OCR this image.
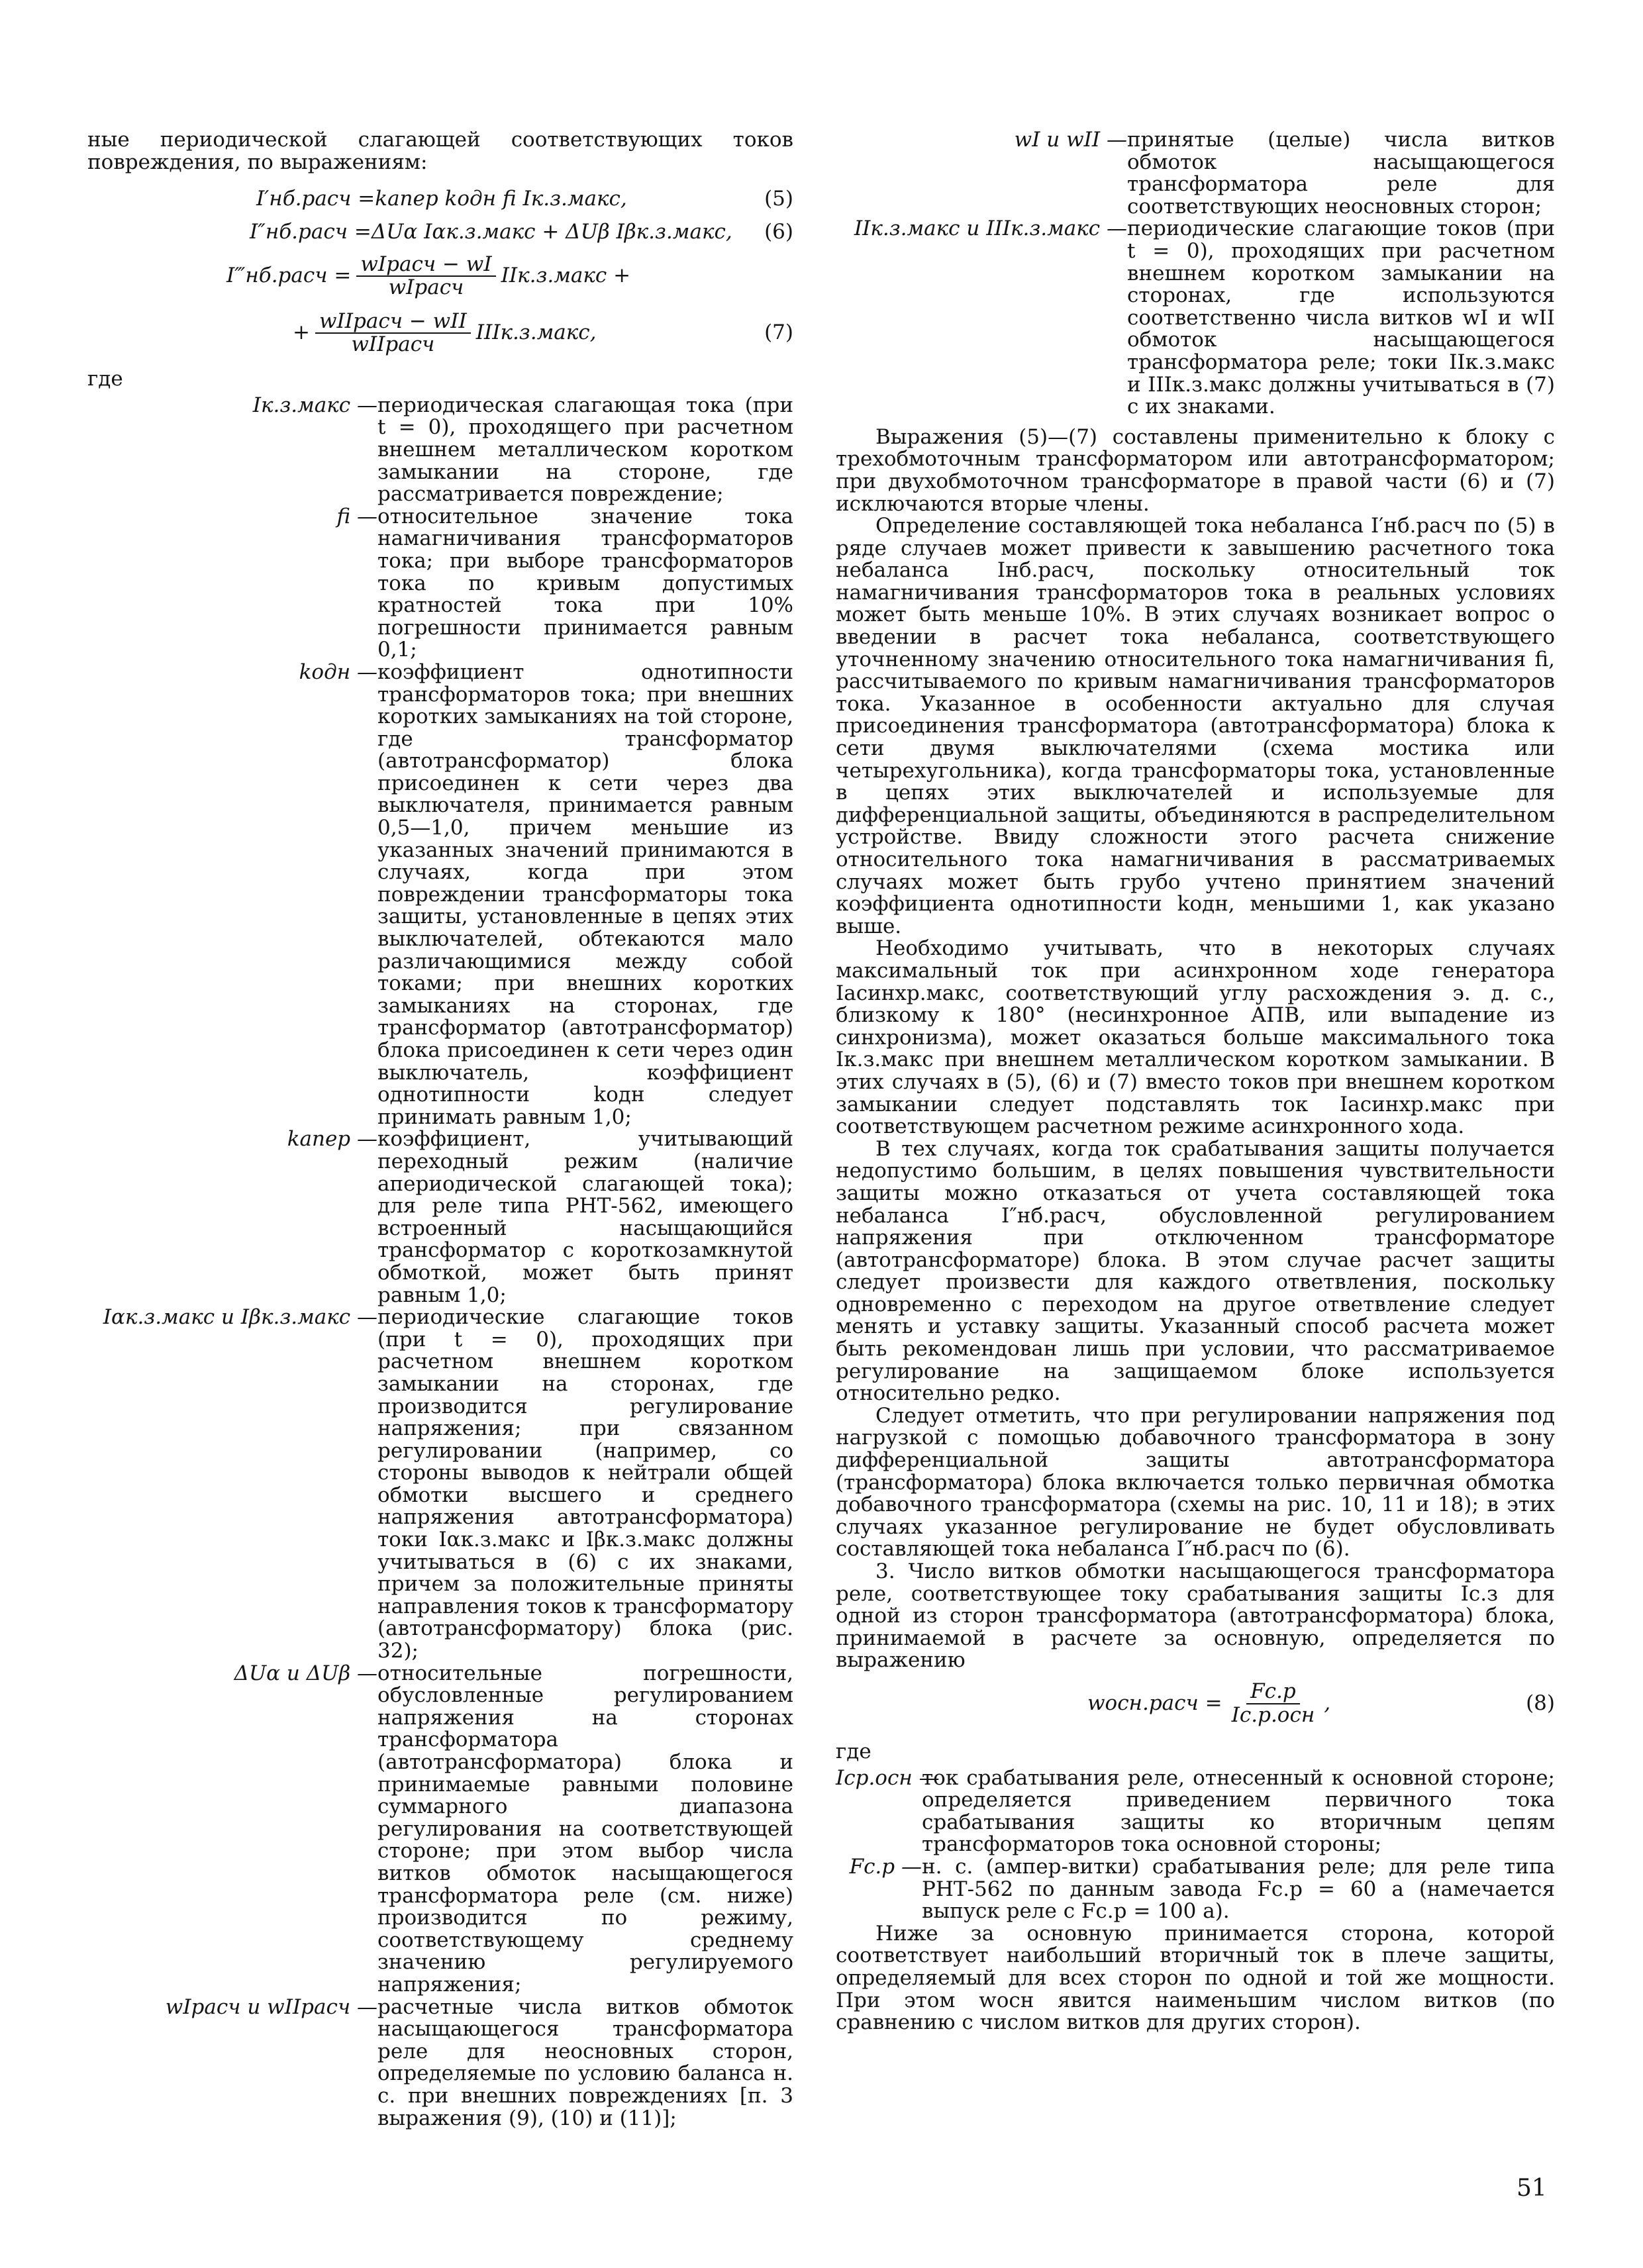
ные периодической слагающей соответствующих токов повреждения, по выражениям:

I′нб.расч = kапер kодн fi Iк.з.макс,	(5)
I″нб.расч = ΔUα Iαк.з.макс + ΔUβ Iβк.з.макс, (6)
I‴нб.расч = $\frac{\text{wIрасч − wI}}{\text{wIрасч}}$ IIк.з.макс +
+ $\frac{\text{wIIрасч − wII}}{\text{wIIрасч}}$ IIIк.з.макс,	(7)

где

Iк.з.макс — периодическая слагающая тока (при t = 0), проходящего при расчетном внешнем металлическом коротком замыкании на стороне, где рассматривается повреждение;
fi — относительное значение тока намагничивания трансформаторов тока; при выборе трансформаторов тока по кривым допустимых кратностей тока при 10% погрешности принимается равным 0,1;
kодн — коэффициент однотипности трансформаторов тока; при внешних коротких замыканиях на той стороне, где трансформатор (автотрансформатор) блока присоединен к сети через два выключателя, принимается равным 0,5—1,0, причем меньшие из указанных значений принимаются в случаях, когда при этом повреждении трансформаторы тока защиты, установленные в цепях этих выключателей, обтекаются мало различающимися между собой токами; при внешних коротких замыканиях на сторонах, где трансформатор (автотрансформатор) блока присоединен к сети через один выключатель, коэффициент однотипности kодн следует принимать равным 1,0;
kапер — коэффициент, учитывающий переходный режим (наличие апериодической слагающей тока); для реле типа РНТ-562, имеющего встроенный насыщающийся трансформатор с короткозамкнутой обмоткой, может быть принят равным 1,0;
Iαк.з.макс и Iβк.з.макс — периодические слагающие токов (при t = 0), проходящих при расчетном внешнем коротком замыкании на сторонах, где производится регулирование напряжения; при связанном регулировании (например, со стороны выводов к нейтрали общей обмотки высшего и среднего напряжения автотрансформатора) токи Iαк.з.макс и Iβк.з.макс должны учитываться в (6) с их знаками, причем за положительные приняты направления токов к трансформатору (автотрансформатору) блока (рис. 32);
ΔUα и ΔUβ — относительные погрешности, обусловленные регулированием напряжения на сторонах трансформатора (автотрансформатора) блока и принимаемые равными половине суммарного диапазона регулирования на соответствующей стороне; при этом выбор числа витков обмоток насыщающегося трансформатора реле (см. ниже) производится по режиму, соответствующему среднему значению регулируемого напряжения;
wIрасч и wIIрасч — расчетные числа витков обмоток насыщающегося трансформатора реле для неосновных сторон, определяемые по условию баланса н. с. при внешних повреждениях [п. 3 выражения (9), (10) и (11)];
wI и wII — принятые (целые) числа витков обмоток насыщающегося трансформатора реле для соответствующих неосновных сторон;
IIк.з.макс и IIIк.з.макс — периодические слагающие токов (при t = 0), проходящих при расчетном внешнем коротком замыкании на сторонах, где используются соответственно числа витков wI и wII обмоток насыщающегося трансформатора реле; токи IIк.з.макс и IIIк.з.макс должны учитываться в (7) с их знаками.

Выражения (5)—(7) составлены применительно к блоку с трехобмоточным трансформатором или автотрансформатором; при двухобмоточном трансформаторе в правой части (6) и (7) исключаются вторые члены.

Определение составляющей тока небаланса I′нб.расч по (5) в ряде случаев может привести к завышению расчетного тока небаланса Iнб.расч, поскольку относительный ток намагничивания трансформаторов тока в реальных условиях может быть меньше 10%. В этих случаях возникает вопрос о введении в расчет тока небаланса, соответствующего уточненному значению относительного тока намагничивания fi, рассчитываемого по кривым намагничивания трансформаторов тока. Указанное в особенности актуально для случая присоединения трансформатора (автотрансформатора) блока к сети двумя выключателями (схема мостика или четырехугольника), когда трансформаторы тока, установленные в цепях этих выключателей и используемые для дифференциальной защиты, объединяются в распределительном устройстве. Ввиду сложности этого расчета снижение относительного тока намагничивания в рассматриваемых случаях может быть грубо учтено принятием значений коэффициента однотипности kодн, меньшими 1, как указано выше.

Необходимо учитывать, что в некоторых случаях максимальный ток при асинхронном ходе генератора Iасинхр.макс, соответствующий углу расхождения э. д. с., близкому к 180° (несинхронное АПВ, или выпадение из синхронизма), может оказаться больше максимального тока Iк.з.макс при внешнем металлическом коротком замыкании. В этих случаях в (5), (6) и (7) вместо токов при внешнем коротком замыкании следует подставлять ток Iасинхр.макс при соответствующем расчетном режиме асинхронного хода.

В тех случаях, когда ток срабатывания защиты получается недопустимо большим, в целях повышения чувствительности защиты можно отказаться от учета составляющей тока небаланса I″нб.расч, обусловленной регулированием напряжения при отключенном трансформаторе (автотрансформаторе) блока. В этом случае расчет защиты следует произвести для каждого ответвления, поскольку одновременно с переходом на другое ответвление следует менять и уставку защиты. Указанный способ расчета может быть рекомендован лишь при условии, что рассматриваемое регулирование на защищаемом блоке используется относительно редко.

Следует отметить, что при регулировании напряжения под нагрузкой с помощью добавочного трансформатора в зону дифференциальной защиты автотрансформатора (трансформатора) блока включается только первичная обмотка добавочного трансформатора (схемы на рис. 10, 11 и 18); в этих случаях указанное регулирование не будет обусловливать составляющей тока небаланса I″нб.расч по (6).

3. Число витков обмотки насыщающегося трансформатора реле, соответствующее току срабатывания защиты Iс.з для одной из сторон трансформатора (автотрансформатора) блока, принимаемой в расчете за основную, определяется по выражению

wосн.расч = $\frac{Fс.р}{\text{Iс.р.осн}}$ ,	(8)

где

Iср.осн —
ток срабатывания реле, отнесенный к основной стороне; определяется приведением первичного тока срабатывания защиты ко вторичным цепям трансформаторов тока основной стороны;
Fс.р — н. с. (ампер-витки) срабатывания реле; для реле типа РНТ-562 по данным завода Fс.р = 60 а (намечается выпуск реле с Fс.р = 100 а).

Ниже за основную принимается сторона, которой соответствует наибольший вторичный ток в плече защиты, определяемый для всех сторон по одной и той же мощности. При этом wосн явится наименьшим числом витков (по сравнению с числом витков для других сторон).

51
